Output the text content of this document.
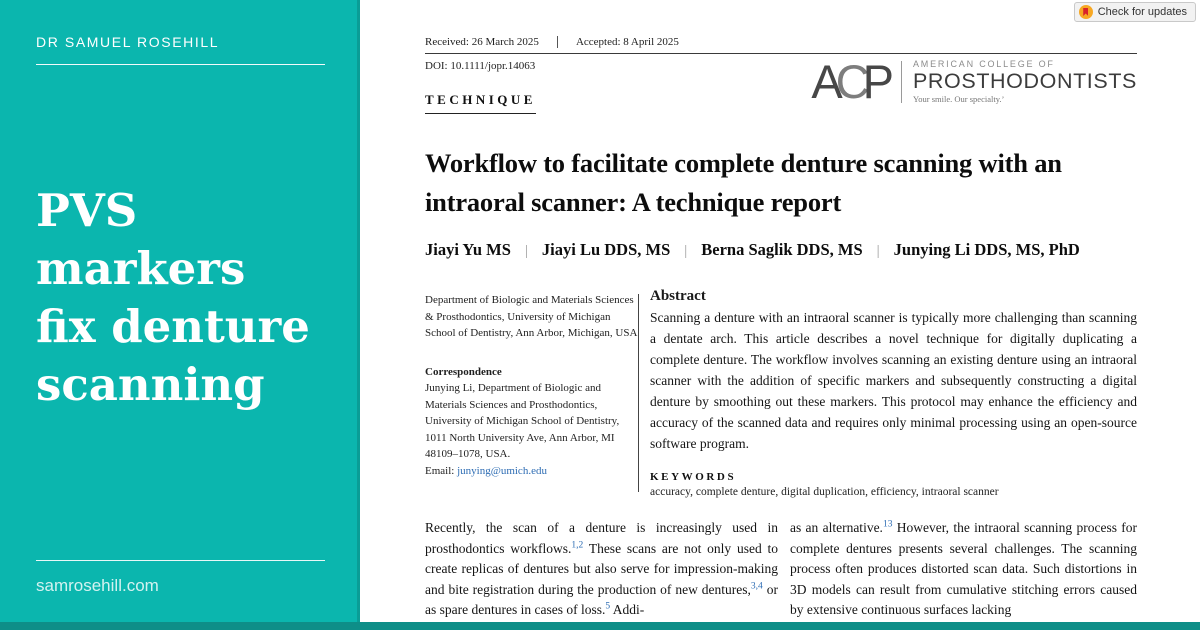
DR SAMUEL ROSEHILL
PVS
markers
fix denture
scanning
samrosehill.com
Received: 26 March 2025	Accepted: 8 April 2025
DOI: 10.1111/jopr.14063
TECHNIQUE	ACP	AMERICAN COLLEGE OF
PROSTHODONTISTS
Your smile. Our specialty.’
Workflow to facilitate complete denture scanning with an intraoral scanner: A technique report
Jiayi Yu MS | Jiayi Lu DDS, MS | Berna Saglik DDS, MS | Junying Li DDS, MS, PhD
Department of Biologic and Materials Sciences & Prosthodontics, University of Michigan School of Dentistry, Ann Arbor, Michigan, USA
Correspondence
Junying Li, Department of Biologic and Materials Sciences and Prosthodontics, University of Michigan School of Dentistry, 1011 North University Ave, Ann Arbor, MI 48109–1078, USA.
Email: junying@umich.edu
Abstract
Scanning a denture with an intraoral scanner is typically more challenging than scanning a dentate arch. This article describes a novel technique for digitally duplicating a complete denture. The workflow involves scanning an existing denture using an intraoral scanner with the addition of specific markers and subsequently constructing a digital denture by smoothing out these markers. This protocol may enhance the efficiency and accuracy of the scanned data and requires only minimal processing using an open-source software program.
KEYWORDS
accuracy, complete denture, digital duplication, efficiency, intraoral scanner
Recently, the scan of a denture is increasingly used in prosthodontics workflows.$^{1,2}$ These scans are not only used to create replicas of dentures but also serve for impression-making and bite registration during the production of new dentures,$^{3,4}$ or as spare dentures in cases of loss.$^5$ Addi-
as an alternative.$^{13}$ However, the intraoral scanning process for complete dentures presents several challenges. The scanning process often produces distorted scan data. Such distortions in 3D models can result from cumulative stitching errors caused by extensive continuous surfaces lacking
Check for updates
